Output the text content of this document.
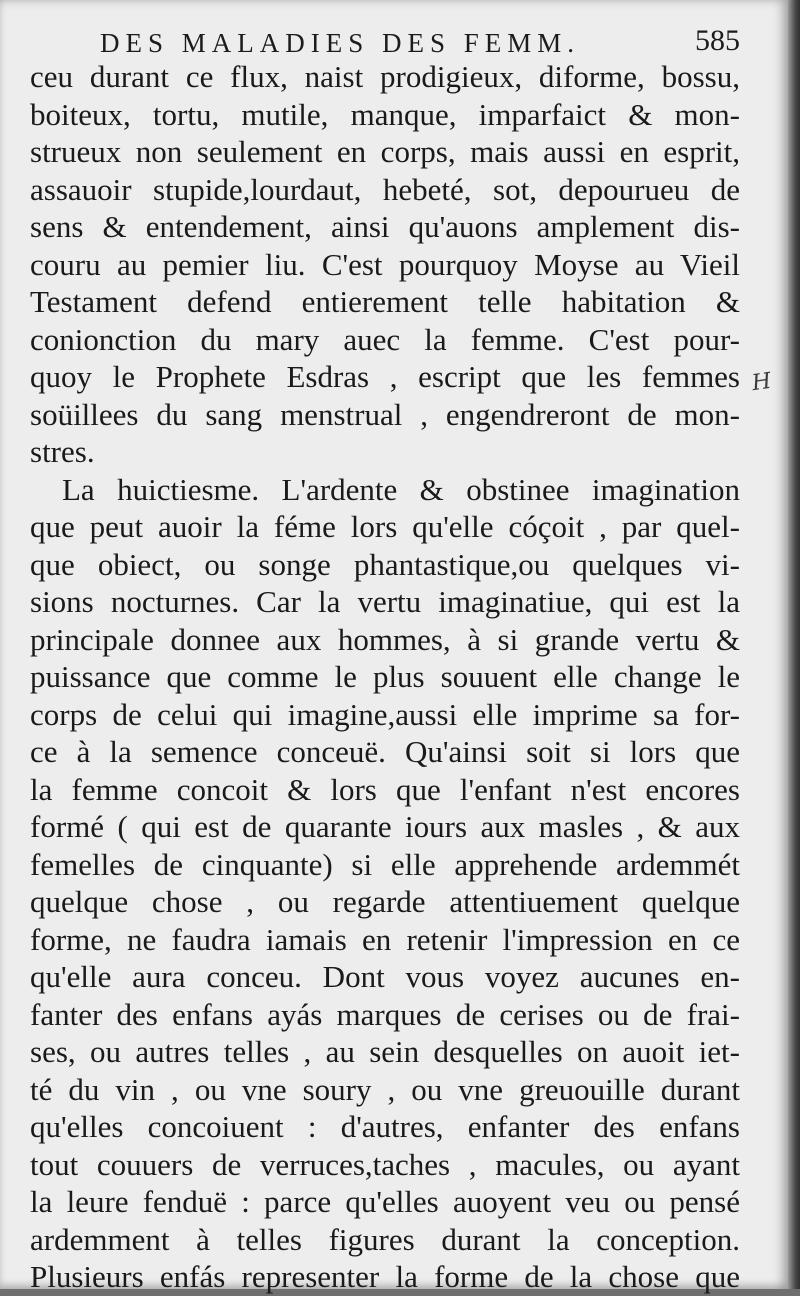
DES MALADIES DES FEMM.	585
ceu durant ce flux, naist prodigieux, diforme, bossu,
boiteux, tortu, mutile, manque, imparfaict & mon-
strueux non seulement en corps, mais aussi en esprit,
assauoir stupide,lourdaut, hebeté, sot, depourueu de
sens & entendement, ainsi qu'auons amplement dis-
couru au pemier liu. C'est pourquoy Moyse au Vieil
Testament defend entierement telle habitation &
conionction du mary auec la femme. C'est pour-
quoy le Prophete Esdras , escript que les femmes
soüillees du sang menstrual , engendreront de mon-
stres.
La huictiesme. L'ardente & obstinee imagination
que peut auoir la féme lors qu'elle cóçoit , par quel-
que obiect, ou songe phantastique,ou quelques vi-
sions nocturnes. Car la vertu imaginatiue, qui est la
principale donnee aux hommes, à si grande vertu &
puissance que comme le plus souuent elle change le
corps de celui qui imagine,aussi elle imprime sa for-
ce à la semence conceuë. Qu'ainsi soit si lors que
la femme concoit & lors que l'enfant n'est encores
formé ( qui est de quarante iours aux masles , & aux
femelles de cinquante) si elle apprehende ardemmét
quelque chose , ou regarde attentiuement quelque
forme, ne faudra iamais en retenir l'impression en ce
qu'elle aura conceu. Dont vous voyez aucunes en-
fanter des enfans ayás marques de cerises ou de frai-
ses, ou autres telles , au sein desquelles on auoit iet-
té du vin , ou vne soury , ou vne greuouille durant
qu'elles concoiuent : d'autres, enfanter des enfans
tout couuers de verruces,taches , macules, ou ayant
la leure fenduë : parce qu'elles auoyent veu ou pensé
ardemment à telles figures durant la conception.
Plusieurs enfás representer la forme de la chose que
H
